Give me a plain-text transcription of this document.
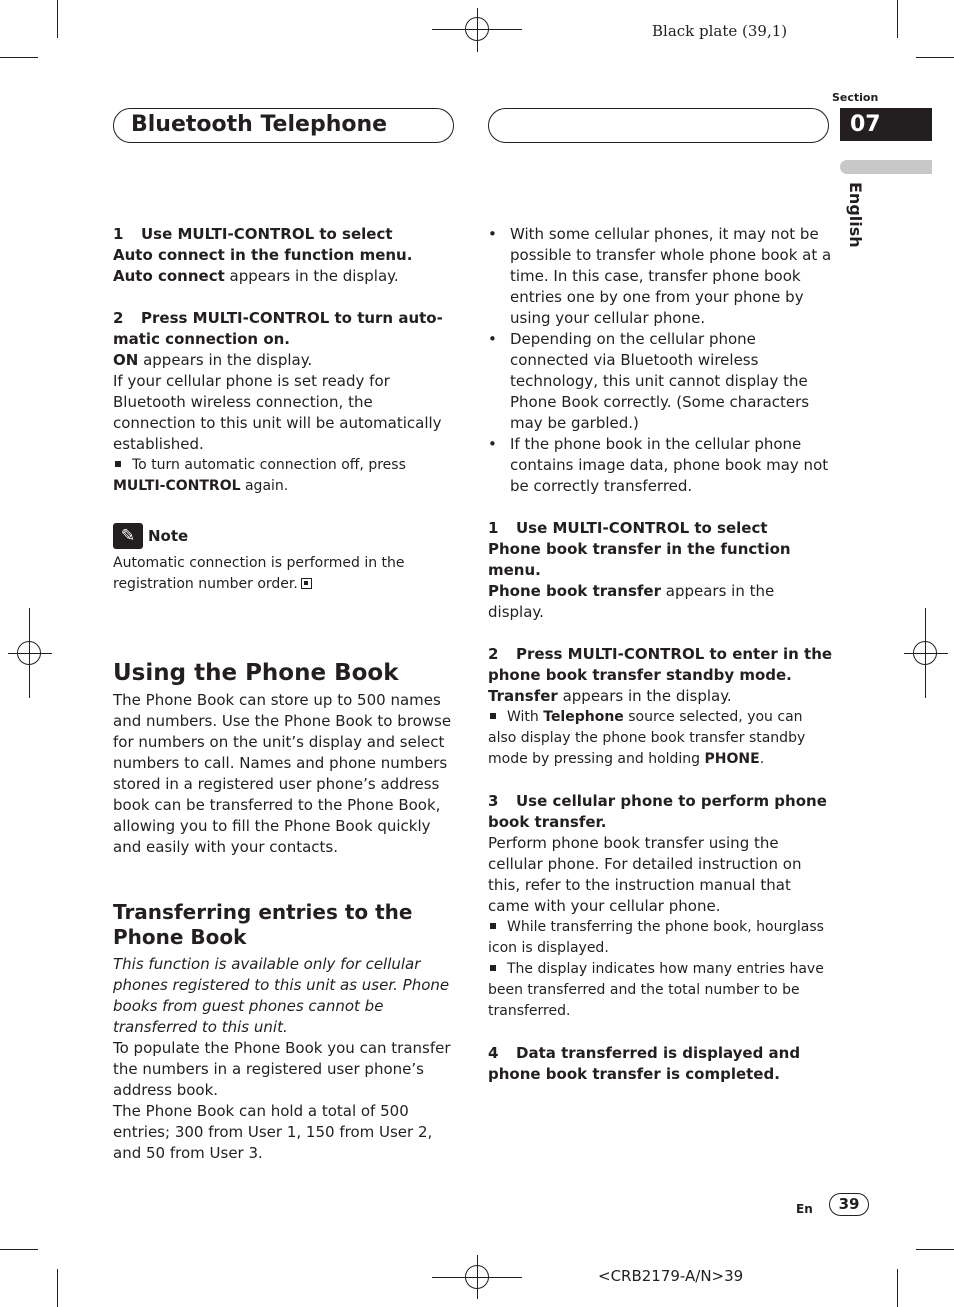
Black plate (39,1)
Bluetooth Telephone
Section
07
English

1 Use MULTI-CONTROL to select

Auto connect in the function menu.

Auto connect appears in the display.

2 Press MULTI-CONTROL to turn auto-

matic connection on.

ON appears in the display.

If your cellular phone is set ready for Bluetooth wireless connection, the connection to this unit will be automatically established.

To turn automatic connection off, press

MULTI-CONTROL again.

✎ Note

Automatic connection is performed in the registration number order.

Using the Phone Book

The Phone Book can store up to 500 names and numbers. Use the Phone Book to browse for numbers on the unit’s display and select numbers to call. Names and phone numbers stored in a registered user phone’s address book can be transferred to the Phone Book, allowing you to fill the Phone Book quickly and easily with your contacts.

Transferring entries to the Phone Book

This function is available only for cellular phones registered to this unit as user. Phone books from guest phones cannot be transferred to this unit.

To populate the Phone Book you can transfer the numbers in a registered user phone’s address book.

The Phone Book can hold a total of 500 entries; 300 from User 1, 150 from User 2, and 50 from User 3.

• With some cellular phones, it may not be possible to transfer whole phone book at a time. In this case, transfer phone book entries one by one from your phone by using your cellular phone.

• Depending on the cellular phone connected via Bluetooth wireless technology, this unit cannot display the Phone Book correctly. (Some characters may be garbled.)

• If the phone book in the cellular phone contains image data, phone book may not be correctly transferred.

1 Use MULTI-CONTROL to select

Phone book transfer in the function menu.

Phone book transfer appears in the display.

2 Press MULTI-CONTROL to enter in the

phone book transfer standby mode.

Transfer appears in the display.

With Telephone source selected, you can also display the phone book transfer standby mode by pressing and holding PHONE.

3 Use cellular phone to perform phone

book transfer.

Perform phone book transfer using the cellular phone. For detailed instruction on this, refer to the instruction manual that came with your cellular phone.

While transferring the phone book, hourglass icon is displayed.

The display indicates how many entries have been transferred and the total number to be transferred.

4 Data transferred is displayed and

phone book transfer is completed.

En	39
<CRB2179-A/N>39
